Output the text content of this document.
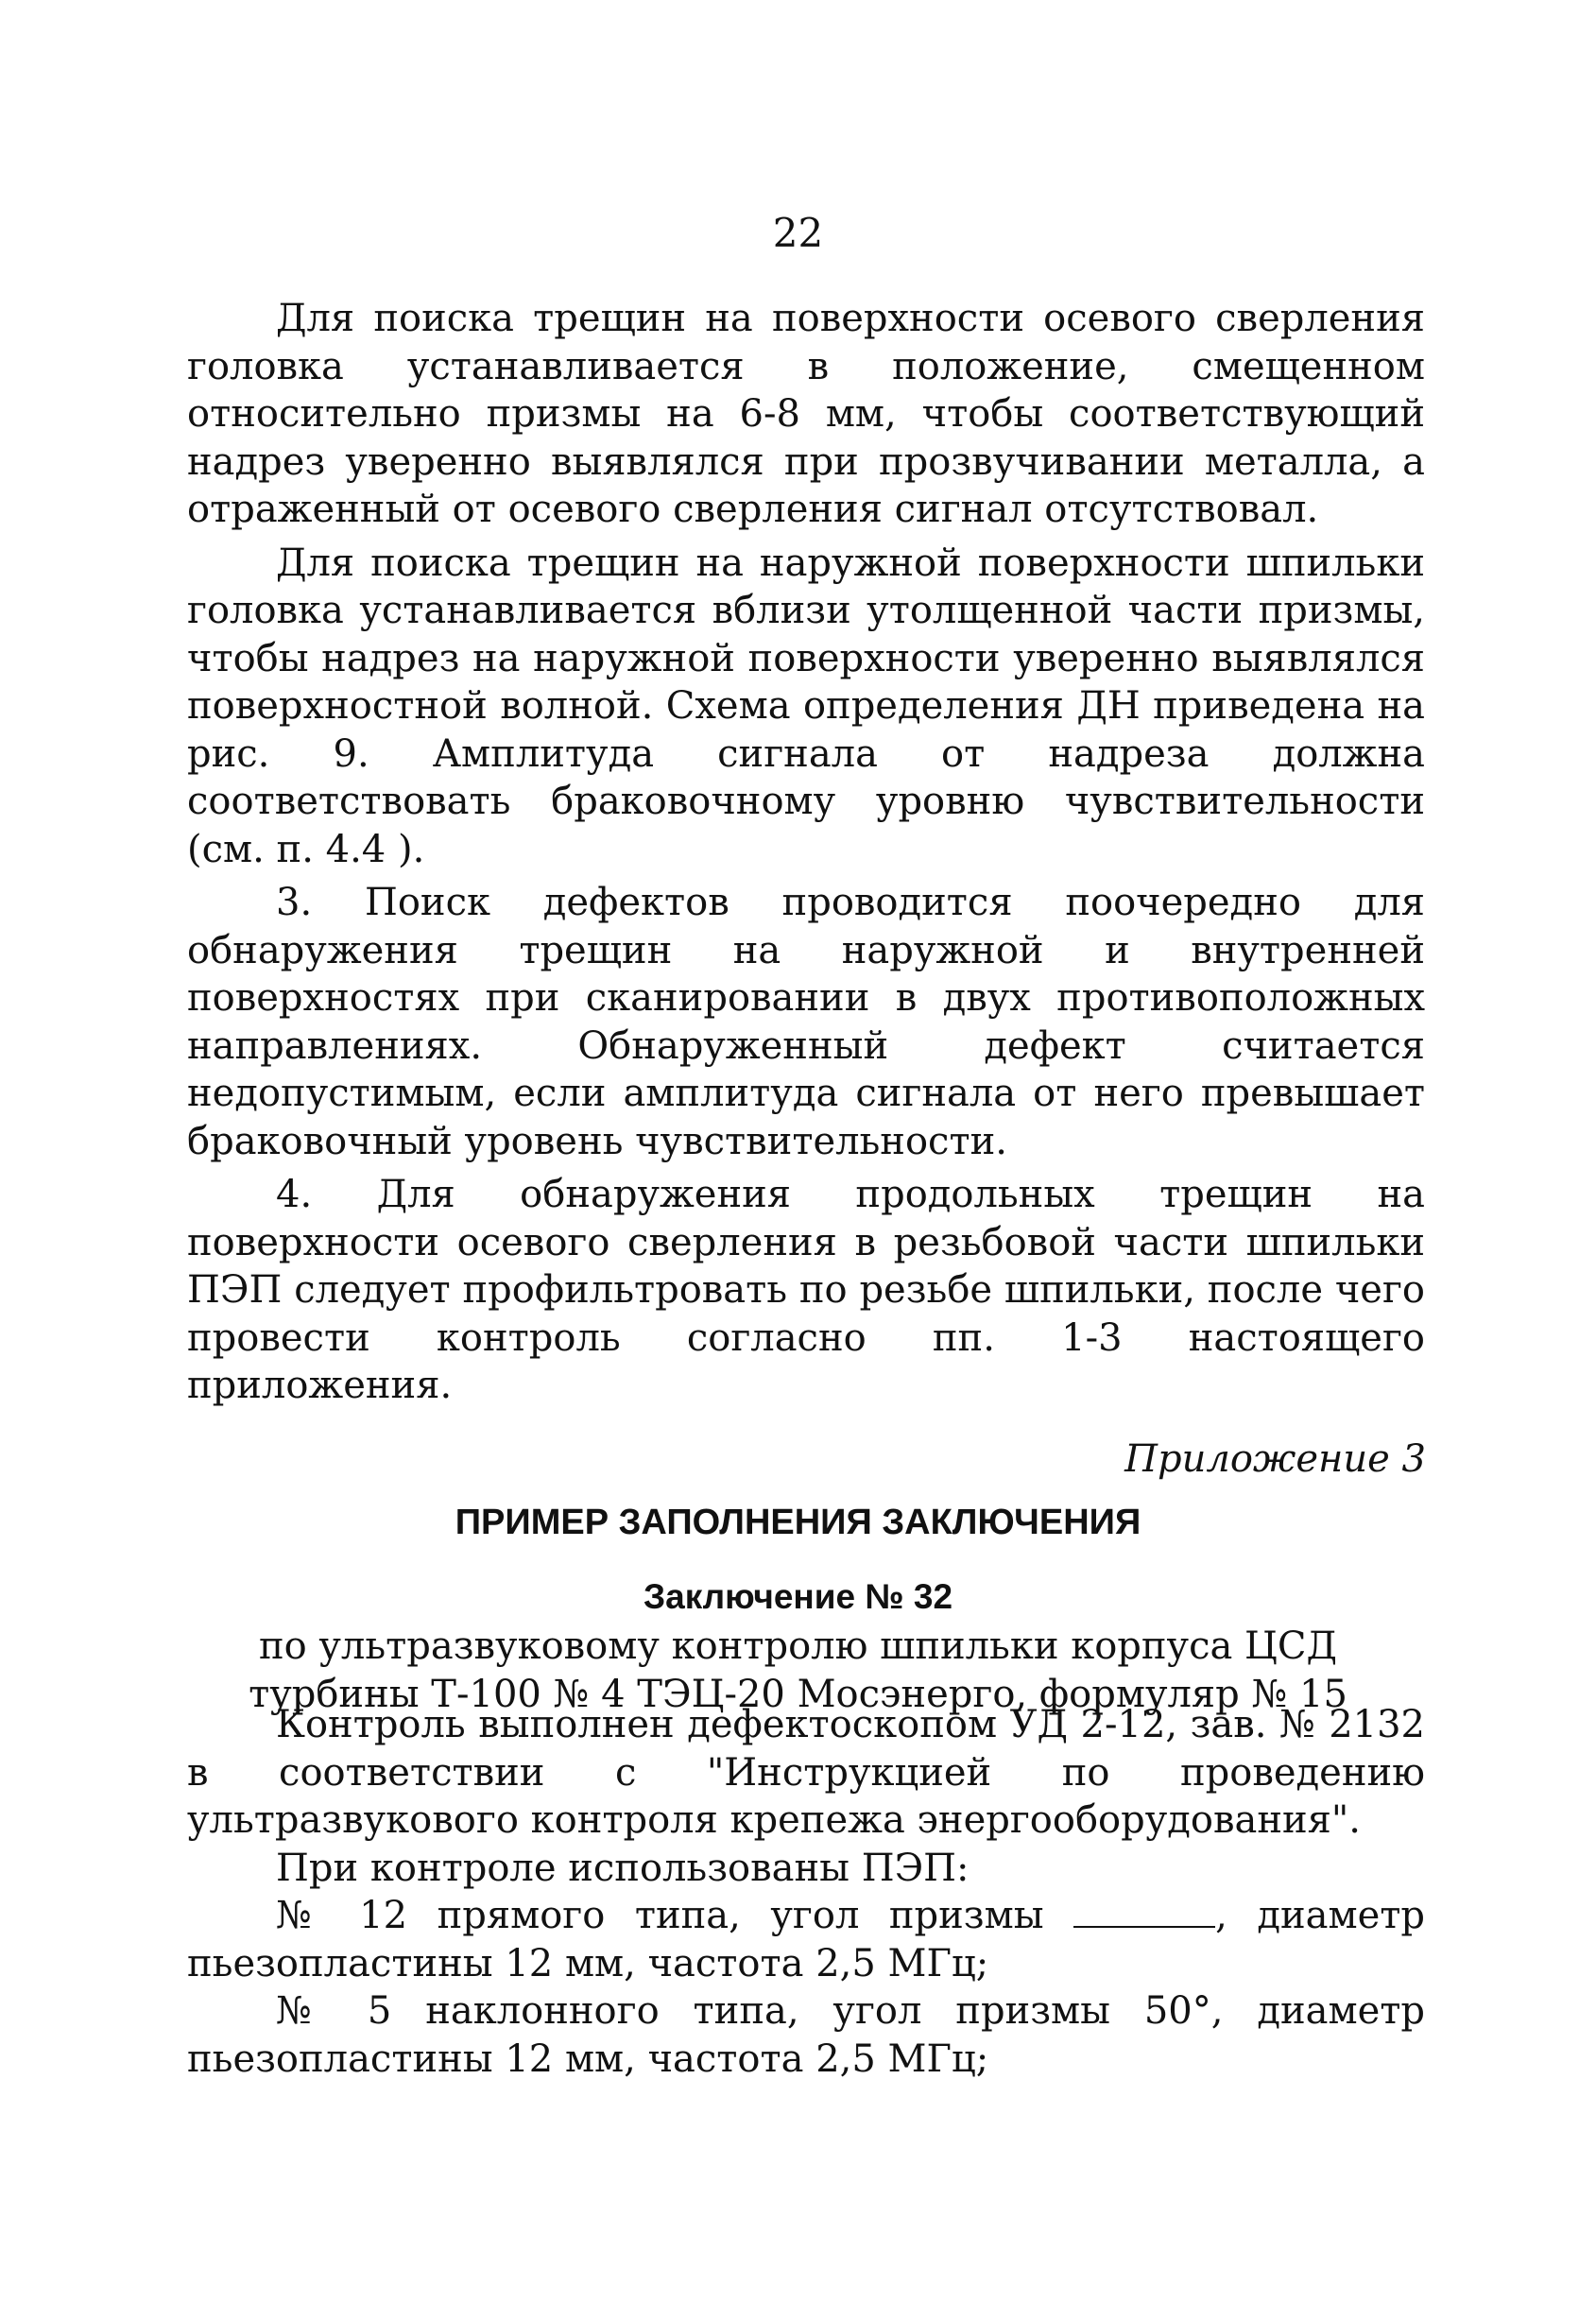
22

Для поиска трещин на поверхности осевого сверления головка устанавливается в положение, смещенном относительно призмы на 6-8 мм, чтобы соответствующий надрез уверенно выявлялся при прозвучивании металла, а отраженный от осевого сверления сигнал отсутствовал.

Для поиска трещин на наружной поверхности шпильки головка устанавливается вблизи утолщенной части призмы, чтобы надрез на наружной поверхности уверенно выявлялся поверхностной волной. Схема определения ДН приведена на рис. 9. Амплитуда сигнала от надреза должна соответствовать браковочному уровню чувствительности (см. п. 4.4 ).

3. Поиск дефектов проводится поочередно для обнаружения трещин на наружной и внутренней поверхностях при сканировании в двух противоположных направлениях. Обнаруженный дефект считается недопустимым, если амплитуда сигнала от него превышает браковочный уровень чувствительности.

4. Для обнаружения продольных трещин на поверхности осевого сверления в резьбовой части шпильки ПЭП следует профильтровать по резьбе шпильки, после чего провести контроль согласно пп. 1-3 настоящего приложения.

Приложение 3
ПРИМЕР ЗАПОЛНЕНИЯ ЗАКЛЮЧЕНИЯ
Заключение № 32
по ультразвуковому контролю шпильки корпуса ЦСД
турбины Т-100 № 4 ТЭЦ-20 Мосэнерго, формуляр № 15

Контроль выполнен дефектоскопом УД 2-12, зав. № 2132 в соответствии с "Инструкцией по проведению ультразвукового контроля крепежа энергооборудования".

При контроле использованы ПЭП:

№ 12 прямого типа, угол призмы	, диаметр пьезопластины 12 мм, частота 2,5 МГц;

№ 5 наклонного типа, угол призмы 50°, диаметр пьезопластины 12 мм, частота 2,5 МГц;
